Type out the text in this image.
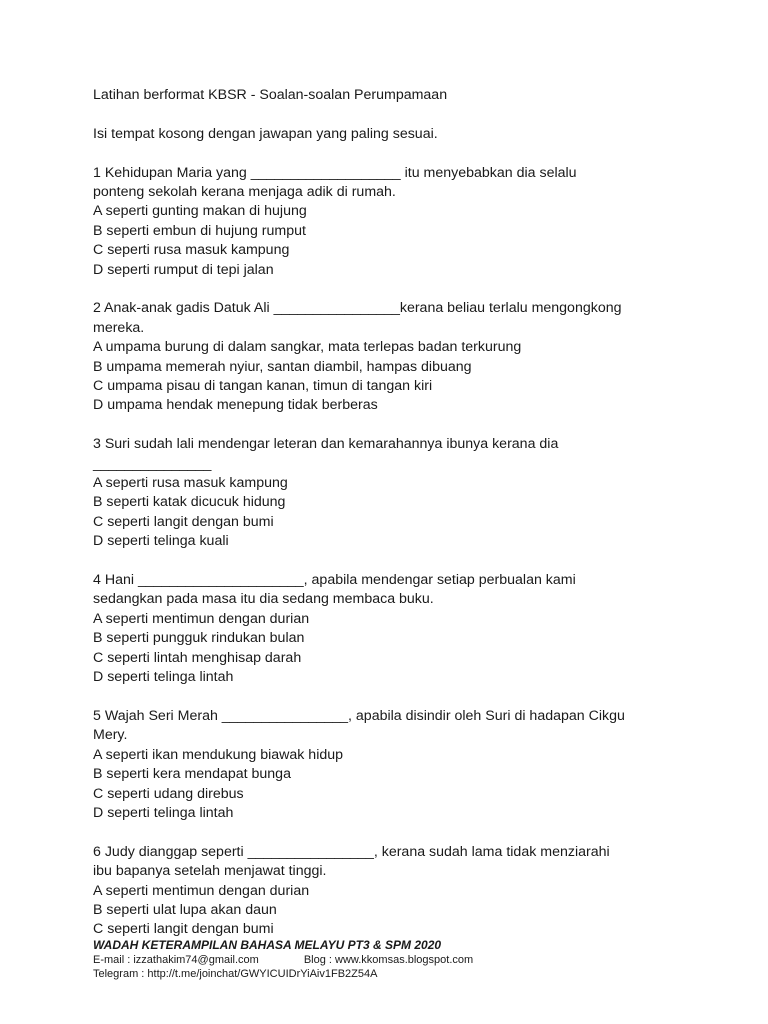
Latihan berformat KBSR - Soalan-soalan Perumpamaan

Isi tempat kosong dengan jawapan yang paling sesuai.

1 Kehidupan Maria yang ___________________ itu menyebabkan dia selalu

ponteng sekolah kerana menjaga adik di rumah.

A seperti gunting makan di hujung

B seperti embun di hujung rumput

C seperti rusa masuk kampung

D seperti rumput di tepi jalan

2 Anak-anak gadis Datuk Ali ________________kerana beliau terlalu mengongkong

mereka.

A umpama burung di dalam sangkar, mata terlepas badan terkurung

B umpama memerah nyiur, santan diambil, hampas dibuang

C umpama pisau di tangan kanan, timun di tangan kiri

D umpama hendak menepung tidak berberas

3 Suri sudah lali mendengar leteran dan kemarahannya ibunya kerana dia

_______________

A seperti rusa masuk kampung

B seperti katak dicucuk hidung

C seperti langit dengan bumi

D seperti telinga kuali

4 Hani _____________________, apabila mendengar setiap perbualan kami

sedangkan pada masa itu dia sedang membaca buku.

A seperti mentimun dengan durian

B seperti pungguk rindukan bulan

C seperti lintah menghisap darah

D seperti telinga lintah

5 Wajah Seri Merah ________________, apabila disindir oleh Suri di hadapan Cikgu

Mery.

A seperti ikan mendukung biawak hidup

B seperti kera mendapat bunga

C seperti udang direbus

D seperti telinga lintah

6 Judy dianggap seperti ________________, kerana sudah lama tidak menziarahi

ibu bapanya setelah menjawat tinggi.

A seperti mentimun dengan durian

B seperti ulat lupa akan daun

C seperti langit dengan bumi

WADAH KETERAMPILAN BAHASA MELAYU PT3 & SPM 2020
E-mail : izzathakim74@gmail.com	Blog : www.kkomsas.blogspot.com
Telegram : http://t.me/joinchat/GWYICUIDrYiAiv1FB2Z54A
